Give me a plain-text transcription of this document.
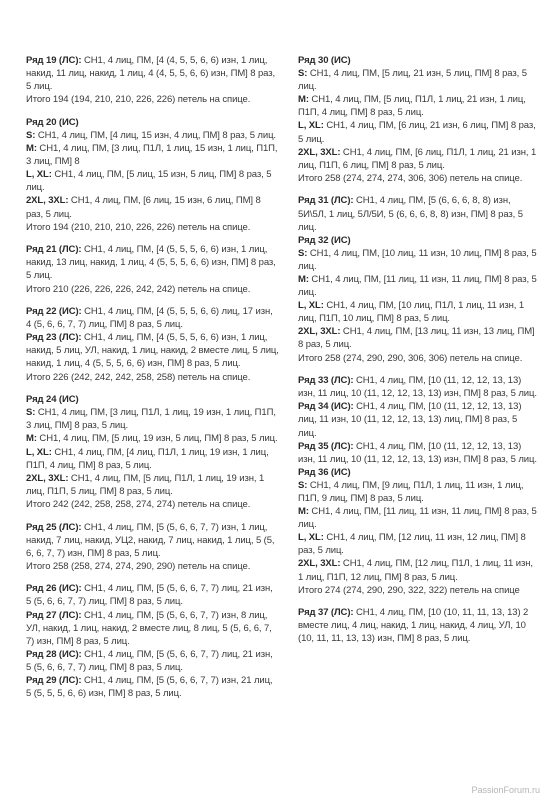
Ряд 19 (ЛС): СН1, 4 лиц, ПМ, [4 (4, 5, 5, 6, 6) изн, 1 лиц, накид, 11 лиц, накид, 1 лиц, 4 (4, 5, 5, 6, 6) изн, ПМ] 8 раз, 5 лиц.

Итого 194 (194, 210, 210, 226, 226) петель на спице.

Ряд 20 (ИС)

S: СН1, 4 лиц, ПМ, [4 лиц, 15 изн, 4 лиц, ПМ] 8 раз, 5 лиц.

М: СН1, 4 лиц, ПМ, [3 лиц, П1Л, 1 лиц, 15 изн, 1 лиц, П1П, 3 лиц, ПМ] 8

L, XL: СН1, 4 лиц, ПМ, [5 лиц, 15 изн, 5 лиц, ПМ] 8 раз, 5 лиц.

2XL, 3XL: СН1, 4 лиц, ПМ, [6 лиц, 15 изн, 6 лиц, ПМ] 8 раз, 5 лиц.

Итого 194 (210, 210, 210, 226, 226) петель на спице.

Ряд 21 (ЛС): СН1, 4 лиц, ПМ, [4 (5, 5, 5, 6, 6) изн, 1 лиц, накид, 13 лиц, накид, 1 лиц, 4 (5, 5, 5, 6, 6) изн, ПМ] 8 раз, 5 лиц.

Итого 210 (226, 226, 226, 242, 242) петель на спице.

Ряд 22 (ИС): СН1, 4 лиц, ПМ, [4 (5, 5, 5, 6, 6) лиц, 17 изн, 4 (5, 6, 6, 7, 7) лиц, ПМ] 8 раз, 5 лиц.

Ряд 23 (ЛС): СН1, 4 лиц, ПМ, [4 (5, 5, 5, 6, 6) изн, 1 лиц, накид, 5 лиц, УЛ, накид, 1 лиц, накид, 2 вместе лиц, 5 лиц, накид, 1 лиц, 4 (5, 5, 5, 6, 6) изн, ПМ] 8 раз, 5 лиц.

Итого 226 (242, 242, 242, 258, 258) петель на спице.

Ряд 24 (ИС)

S: СН1, 4 лиц, ПМ, [3 лиц, П1Л, 1 лиц, 19 изн, 1 лиц, П1П, 3 лиц, ПМ] 8 раз, 5 лиц.

М: СН1, 4 лиц, ПМ, [5 лиц, 19 изн, 5 лиц, ПМ] 8 раз, 5 лиц.

L, XL: СН1, 4 лиц, ПМ, [4 лиц, П1Л, 1 лиц, 19 изн, 1 лиц, П1П, 4 лиц, ПМ] 8 раз, 5 лиц.

2XL, 3XL: СН1, 4 лиц, ПМ, [5 лиц, П1Л, 1 лиц, 19 изн, 1 лиц, П1П, 5 лиц, ПМ] 8 раз, 5 лиц.

Итого 242 (242, 258, 258, 274, 274) петель на спице.

Ряд 25 (ЛС): СН1, 4 лиц, ПМ, [5 (5, 6, 6, 7, 7) изн, 1 лиц, накид, 7 лиц, накид, УЦ2, накид, 7 лиц, накид, 1 лиц, 5 (5, 6, 6, 7, 7) изн, ПМ] 8 раз, 5 лиц.

Итого 258 (258, 274, 274, 290, 290) петель на спице.

Ряд 26 (ИС): СН1, 4 лиц, ПМ, [5 (5, 6, 6, 7, 7) лиц, 21 изн, 5 (5, 6, 6, 7, 7) лиц, ПМ] 8 раз, 5 лиц.

Ряд 27 (ЛС): СН1, 4 лиц, ПМ, [5 (5, 6, 6, 7, 7) изн, 8 лиц, УЛ, накид, 1 лиц, накид, 2 вместе лиц, 8 лиц, 5 (5, 6, 6, 7, 7) изн, ПМ] 8 раз, 5 лиц.

Ряд 28 (ИС): СН1, 4 лиц, ПМ, [5 (5, 6, 6, 7, 7) лиц, 21 изн, 5 (5, 6, 6, 7, 7) лиц, ПМ] 8 раз, 5 лиц.

Ряд 29 (ЛС): СН1, 4 лиц, ПМ, [5 (5, 6, 6, 7, 7) изн, 21 лиц, 5 (5, 5, 5, 6, 6) изн, ПМ] 8 раз, 5 лиц.

Ряд 30 (ИС)

S: СН1, 4 лиц, ПМ, [5 лиц, 21 изн, 5 лиц, ПМ] 8 раз, 5 лиц.

М: СН1, 4 лиц, ПМ, [5 лиц, П1Л, 1 лиц, 21 изн, 1 лиц, П1П, 4 лиц, ПМ] 8 раз, 5 лиц.

L, XL: СН1, 4 лиц, ПМ, [6 лиц, 21 изн, 6 лиц, ПМ] 8 раз, 5 лиц.

2XL, 3XL: СН1, 4 лиц, ПМ, [6 лиц, П1Л, 1 лиц, 21 изн, 1 лиц, П1П, 6 лиц, ПМ] 8 раз, 5 лиц.

Итого 258 (274, 274, 274, 306, 306) петель на спице.

Ряд 31 (ЛС): СН1, 4 лиц, ПМ, [5 (6, 6, 6, 8, 8) изн, 5И\5Л, 1 лиц, 5Л/5И, 5 (6, 6, 6, 8, 8) изн, ПМ] 8 раз, 5 лиц.

Ряд 32 (ИС)

S: СН1, 4 лиц, ПМ, [10 лиц, 11 изн, 10 лиц, ПМ] 8 раз, 5 лиц.

М: СН1, 4 лиц, ПМ, [11 лиц, 11 изн, 11 лиц, ПМ] 8 раз, 5 лиц.

L, XL: СН1, 4 лиц, ПМ, [10 лиц, П1Л, 1 лиц, 11 изн, 1 лиц, П1П, 10 лиц, ПМ] 8 раз, 5 лиц.

2XL, 3XL: СН1, 4 лиц, ПМ, [13 лиц, 11 изн, 13 лиц, ПМ] 8 раз, 5 лиц.

Итого 258 (274, 290, 290, 306, 306) петель на спице.

Ряд 33 (ЛС): СН1, 4 лиц, ПМ, [10 (11, 12, 12, 13, 13) изн, 11 лиц, 10 (11, 12, 12, 13, 13) изн, ПМ] 8 раз, 5 лиц.

Ряд 34 (ИС): СН1, 4 лиц, ПМ, [10 (11, 12, 12, 13, 13) лиц, 11 изн, 10 (11, 12, 12, 13, 13) лиц, ПМ] 8 раз, 5 лиц.

Ряд 35 (ЛС): СН1, 4 лиц, ПМ, [10 (11, 12, 12, 13, 13) изн, 11 лиц, 10 (11, 12, 12, 13, 13) изн, ПМ] 8 раз, 5 лиц.

Ряд 36 (ИС)

S: СН1, 4 лиц, ПМ, [9 лиц, П1Л, 1 лиц, 11 изн, 1 лиц, П1П, 9 лиц, ПМ] 8 раз, 5 лиц.

М: СН1, 4 лиц, ПМ, [11 лиц, 11 изн, 11 лиц, ПМ] 8 раз, 5 лиц.

L, XL: СН1, 4 лиц, ПМ, [12 лиц, 11 изн, 12 лиц, ПМ] 8 раз, 5 лиц.

2XL, 3XL: СН1, 4 лиц, ПМ, [12 лиц, П1Л, 1 лиц, 11 изн, 1 лиц, П1П, 12 лиц, ПМ] 8 раз, 5 лиц.

Итого 274 (274, 290, 290, 322, 322) петель на спице

Ряд 37 (ЛС): СН1, 4 лиц, ПМ, [10 (10, 11, 11, 13, 13) 2 вместе лиц, 4 лиц, накид, 1 лиц, накид, 4 лиц, УЛ, 10 (10, 11, 11, 13, 13) изн, ПМ] 8 раз, 5 лиц.

PassionForum.ru
